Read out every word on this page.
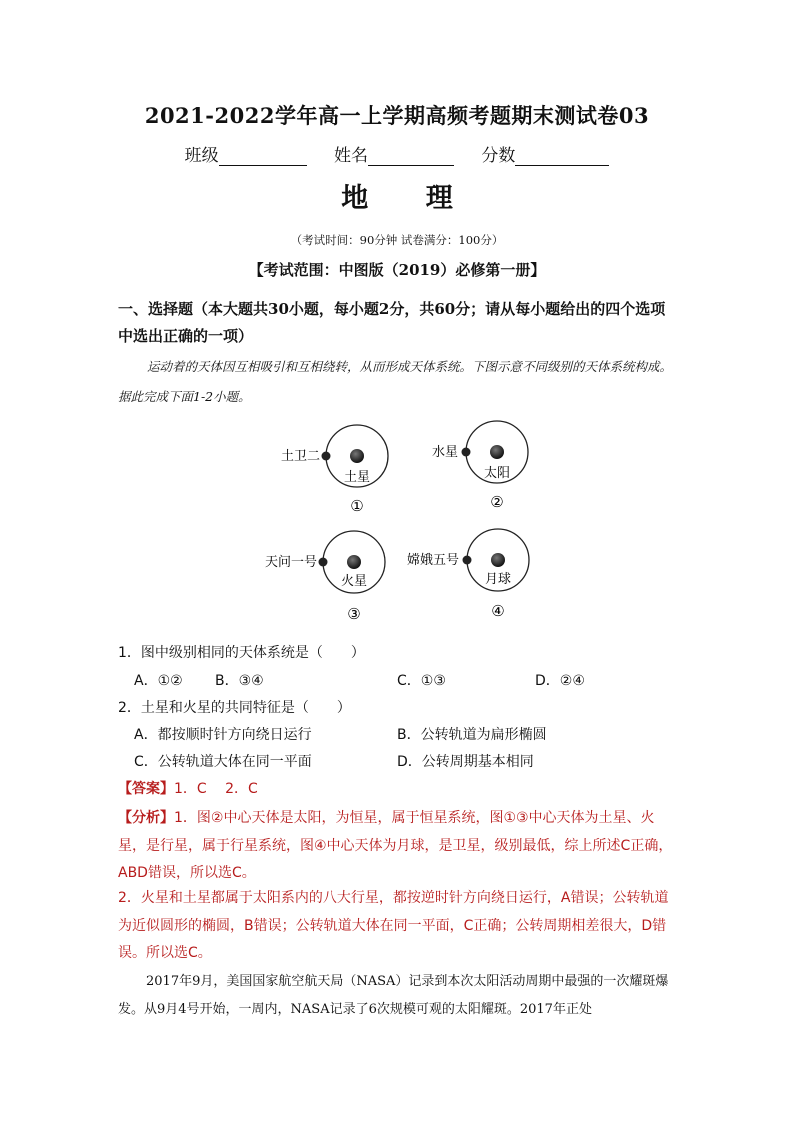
2021-2022学年高一上学期高频考题期末测试卷03
班级	姓名	分数
地 理
（考试时间：90分钟 试卷满分：100分）
【考试范围：中图版（2019）必修第一册】
一、选择题（本大题共30小题，每小题2分，共60分；请从每小题给出的四个选项中选出正确的一项）
运动着的天体因互相吸引和互相绕转，从而形成天体系统。下图示意不同级别的天体系统构成。据此完成下面1-2小题。
土卫二
土星
①
水星
太阳
②
天问一号
火星
③
嫦娥五号
月球
④
1．图中级别相同的天体系统是（　　）
A．①② B．③④	C．①③	D．②④
2．土星和火星的共同特征是（　　）
A．都按顺时针方向绕日运行	B．公转轨道为扁形椭圆
C．公转轨道大体在同一平面	D．公转周期基本相同
【答案】1．C　 2．C
【分析】1．图②中心天体是太阳，为恒星，属于恒星系统，图①③中心天体为土星、火星，是行星，属于行星系统，图④中心天体为月球，是卫星，级别最低，综上所述C正确，ABD错误，所以选C。
2．火星和土星都属于太阳系内的八大行星，都按逆时针方向绕日运行，A错误；公转轨道为近似圆形的椭圆，B错误；公转轨道大体在同一平面，C正确；公转周期相差很大，D错误。所以选C。
2017年9月，美国国家航空航天局（NASA）记录到本次太阳活动周期中最强的一次耀斑爆发。从9月4号开始，一周内，NASA记录了6次规模可观的太阳耀斑。2017年正处
